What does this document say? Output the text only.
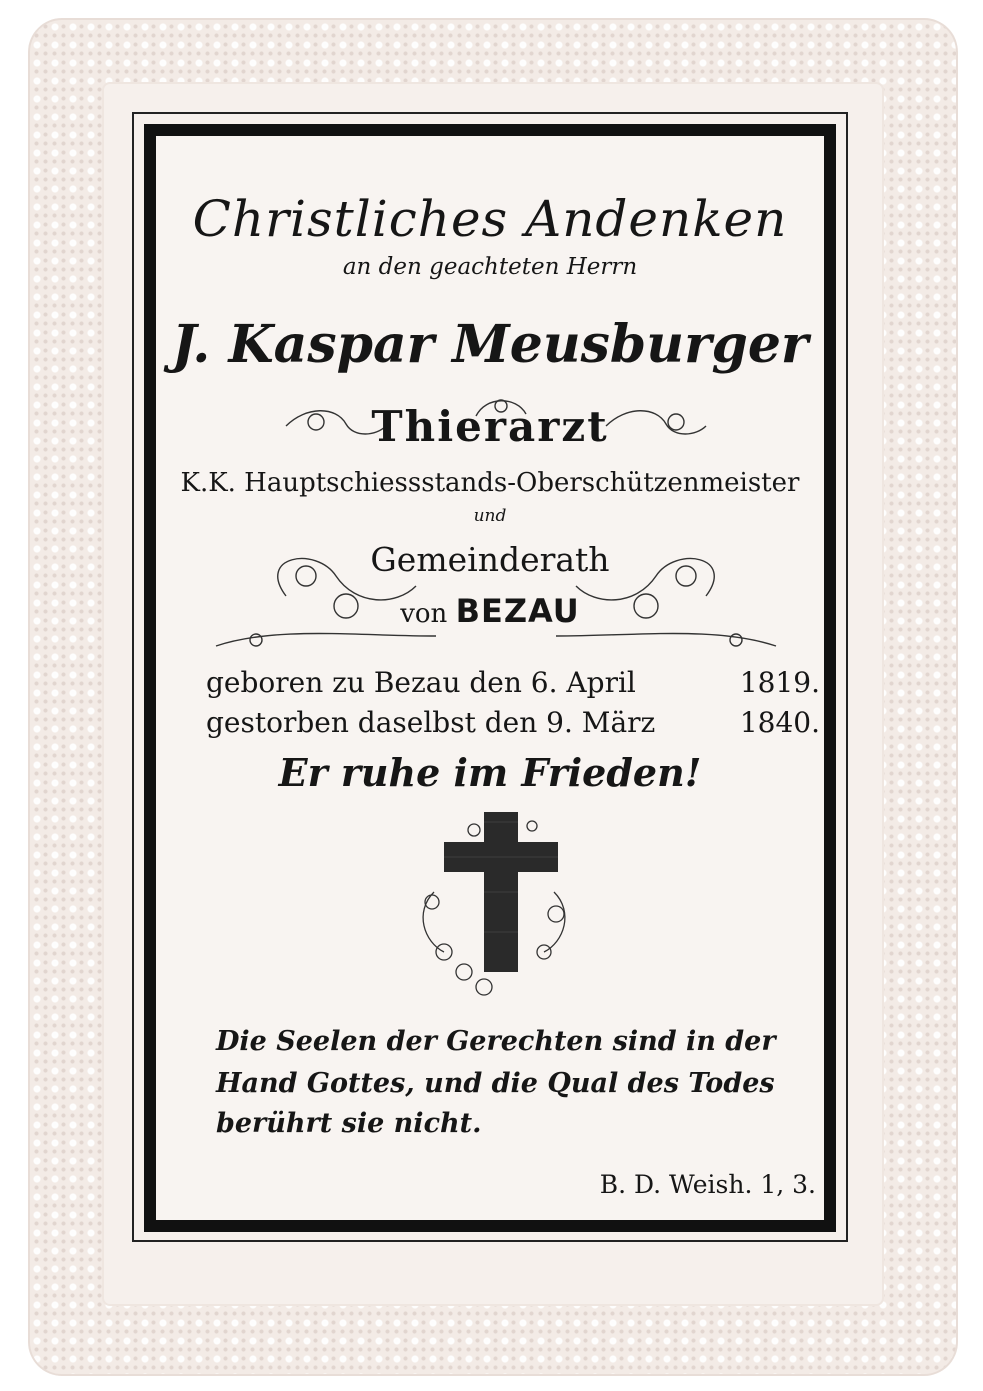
Christliches Andenken
an den geachteten Herrn
J. Kaspar Meusburger
Thierarzt
K.K. Hauptschiessstands-Oberschützenmeister
und
Gemeinderath
von BEZAU
geboren zu Bezau den 6. April	1819.
gestorben daselbst den 9. März	1840.
Er ruhe im Frieden!
Die Seelen der Gerechten sind in der
Hand Gottes, und die Qual des Todes
berührt sie nicht.
B. D. Weish. 1, 3.
